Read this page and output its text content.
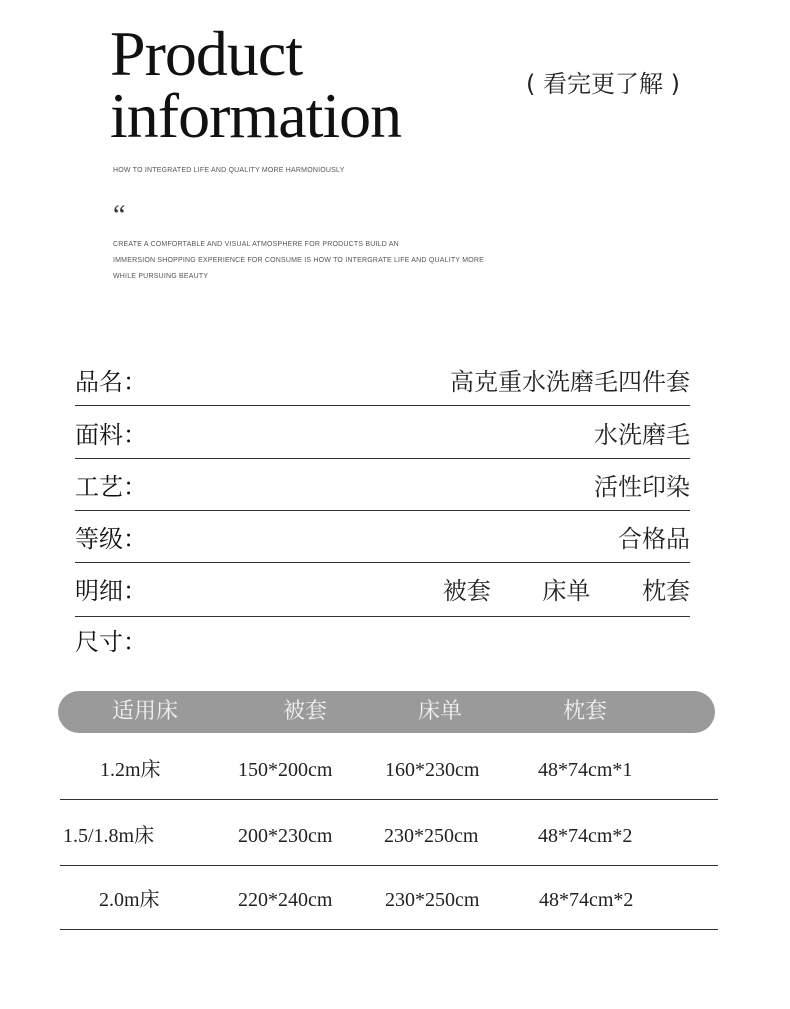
Product
information	( 看完更了解 )
HOW TO INTEGRATED LIFE AND QUALITY MORE HARMONIOUSLY
“
CREATE A COMFORTABLE AND VISUAL ATMOSPHERE FOR PRODUCTS BUILD AN
IMMERSION SHOPPING EXPERIENCE FOR CONSUME IS HOW TO INTERGRATE LIFE AND QUALITY MORE
WHILE PURSUING BEAUTY
品名：	高克重水洗磨毛四件套
面料：	水洗磨毛
工艺：	活性印染
等级：	合格品
明细：	被套 床单 枕套
尺寸：
适用床	被套	床单	枕套
1.2m床	150*200cm	160*230cm	48*74cm*1
1.5/1.8m床	200*230cm	230*250cm	48*74cm*2
2.0m床	220*240cm	230*250cm	48*74cm*2
